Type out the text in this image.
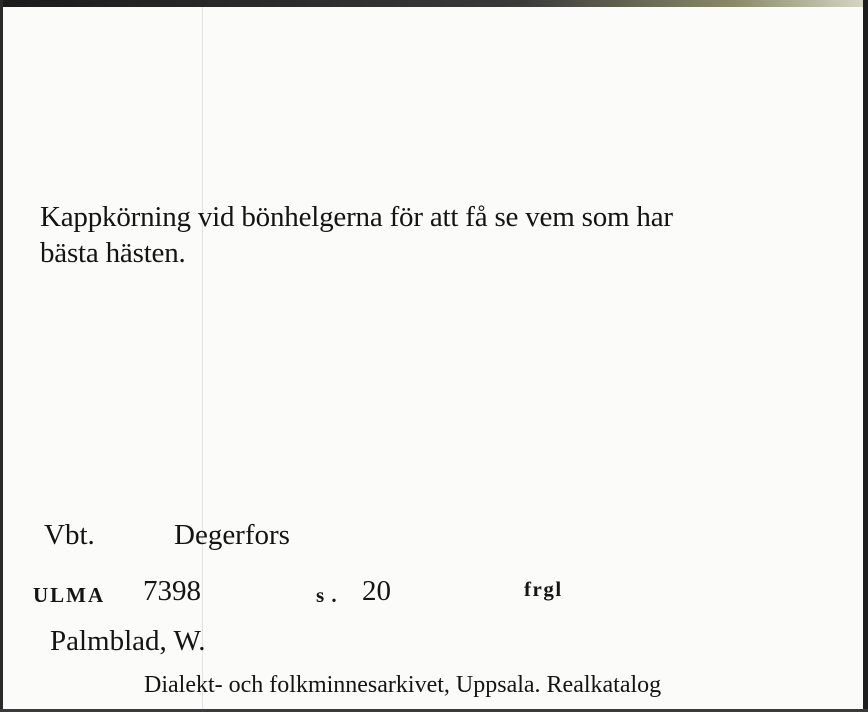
Kappkörning vid bönhelgerna för att få se vem som har

bästa hästen.

Vbt.	Degerfors
ULMA 7398	s . 20	frgl
Palmblad, W.
Dialekt- och folkminnesarkivet, Uppsala. Realkatalog
